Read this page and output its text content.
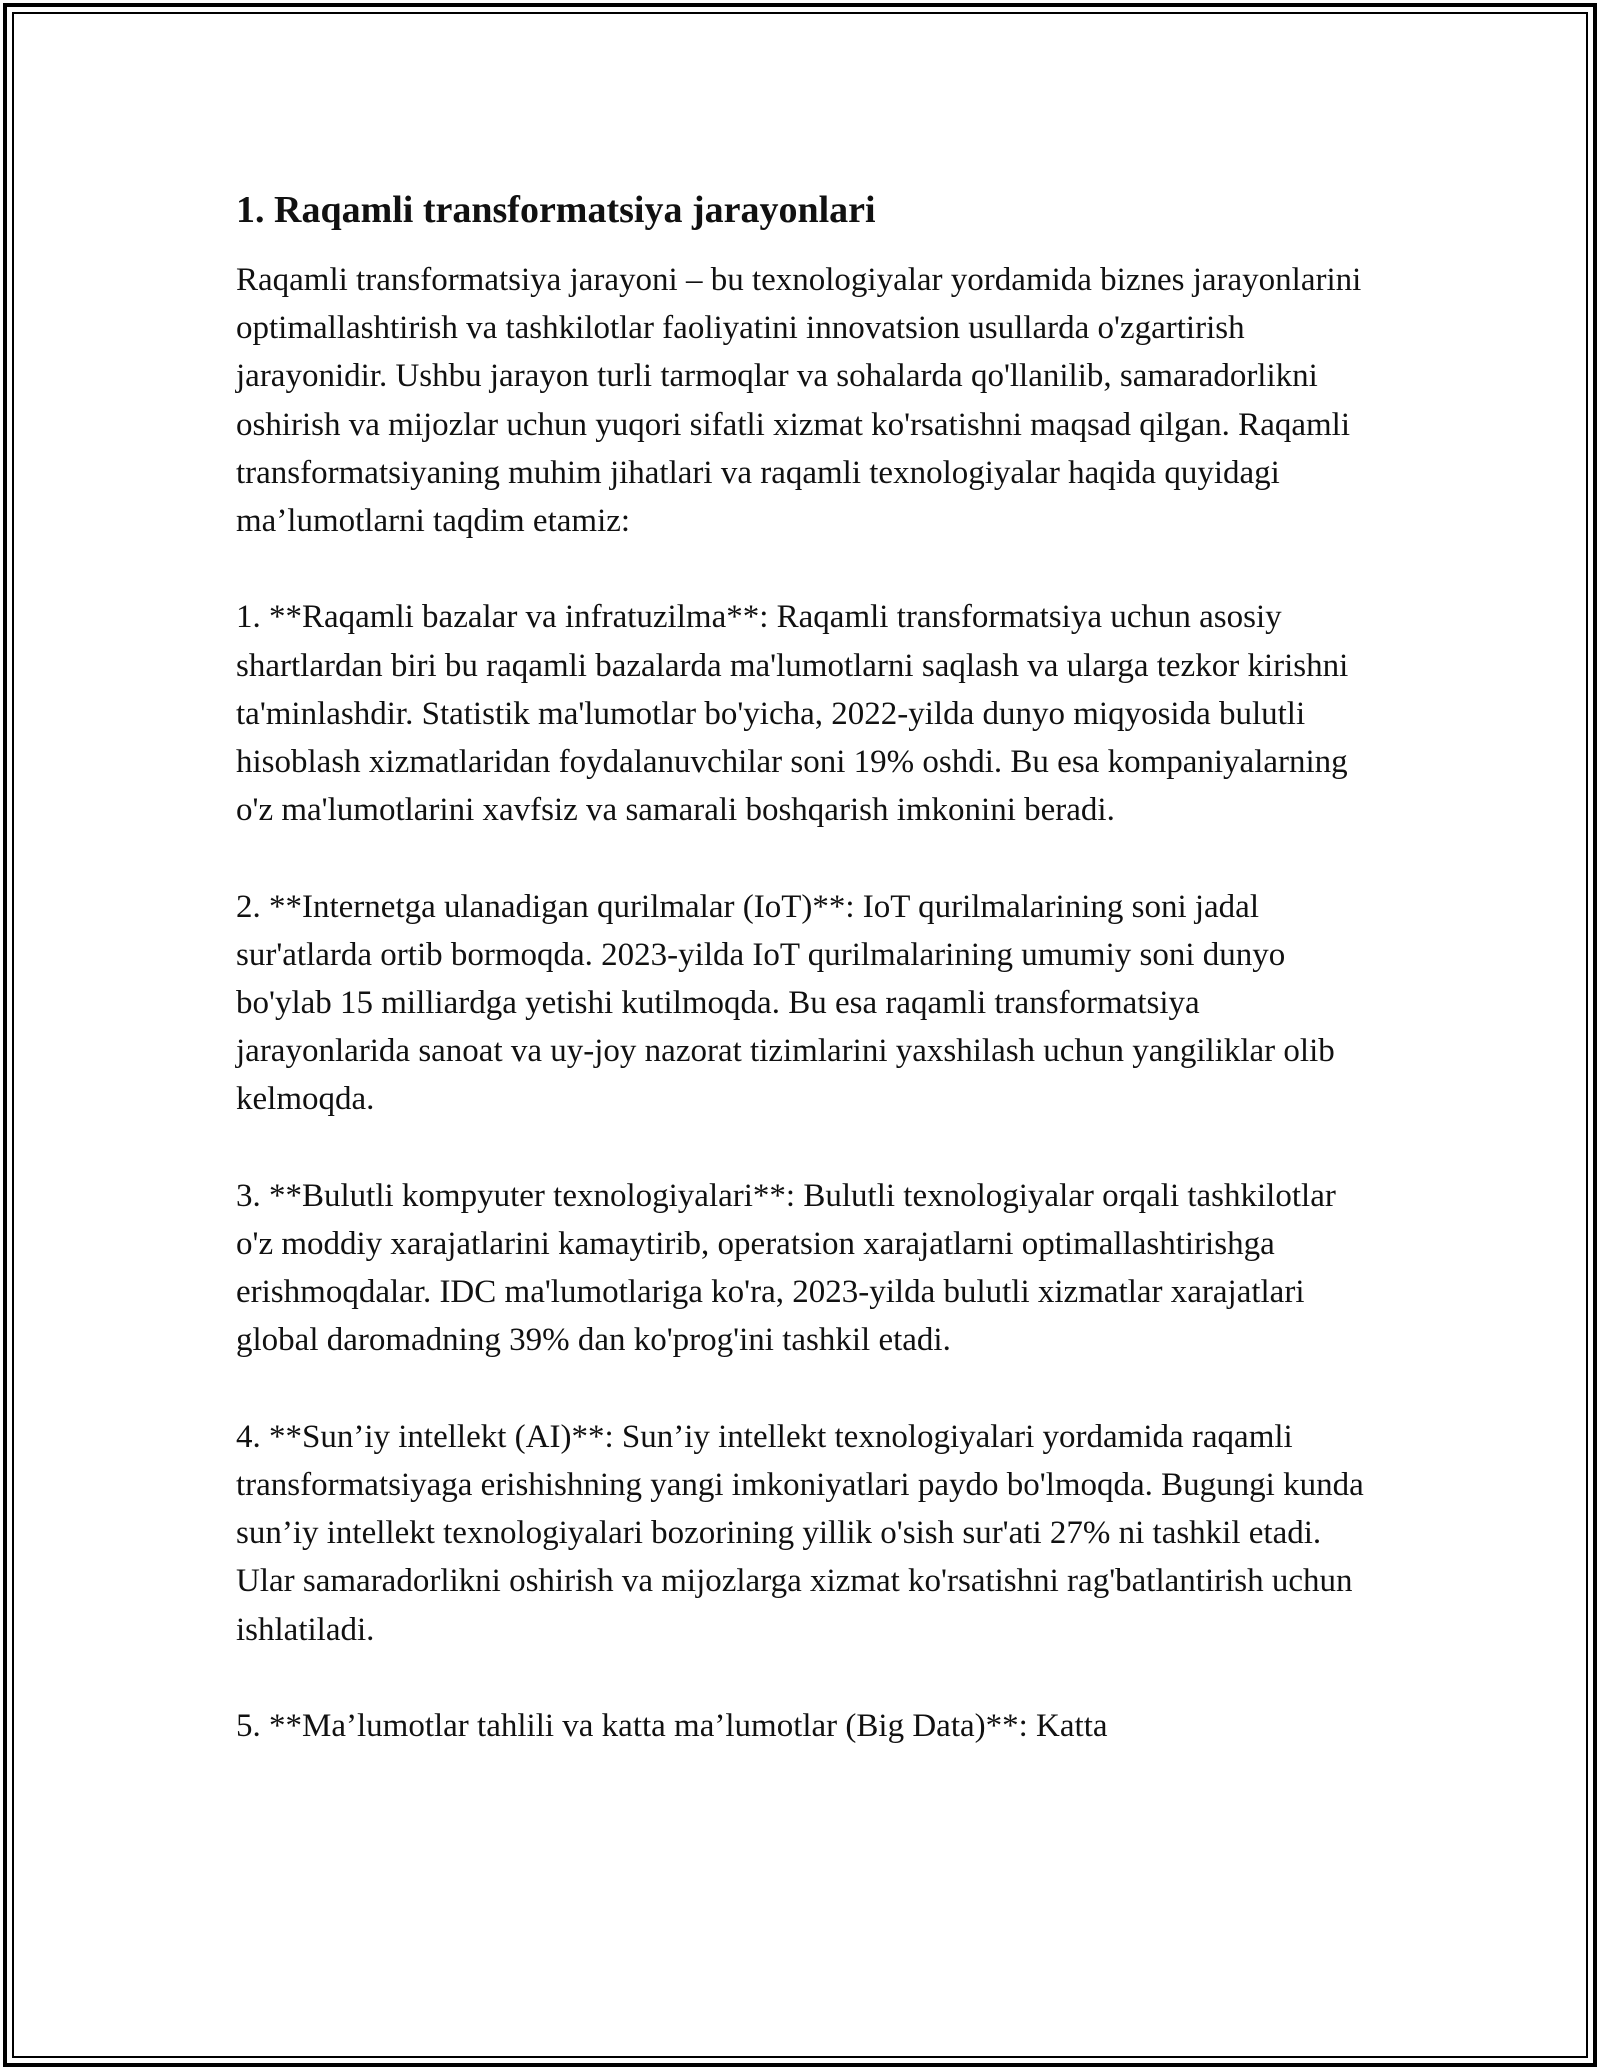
1. Raqamli transformatsiya jarayonlari

Raqamli transformatsiya jarayoni – bu texnologiyalar yordamida biznes jarayonlarini optimallashtirish va tashkilotlar faoliyatini innovatsion usullarda o'zgartirish jarayonidir. Ushbu jarayon turli tarmoqlar va sohalarda qo'llanilib, samaradorlikni oshirish va mijozlar uchun yuqori sifatli xizmat ko'rsatishni maqsad qilgan. Raqamli transformatsiyaning muhim jihatlari va raqamli texnologiyalar haqida quyidagi ma’lumotlarni taqdim etamiz:

1. **Raqamli bazalar va infratuzilma**: Raqamli transformatsiya uchun asosiy shartlardan biri bu raqamli bazalarda ma'lumotlarni saqlash va ularga tezkor kirishni ta'minlashdir. Statistik ma'lumotlar bo'yicha, 2022-yilda dunyo miqyosida bulutli hisoblash xizmatlaridan foydalanuvchilar soni 19% oshdi. Bu esa kompaniyalarning o'z ma'lumotlarini xavfsiz va samarali boshqarish imkonini beradi.

2. **Internetga ulanadigan qurilmalar (IoT)**: IoT qurilmalarining soni jadal sur'atlarda ortib bormoqda. 2023-yilda IoT qurilmalarining umumiy soni dunyo bo'ylab 15 milliardga yetishi kutilmoqda. Bu esa raqamli transformatsiya jarayonlarida sanoat va uy-joy nazorat tizimlarini yaxshilash uchun yangiliklar olib kelmoqda.

3. **Bulutli kompyuter texnologiyalari**: Bulutli texnologiyalar orqali tashkilotlar o'z moddiy xarajatlarini kamaytirib, operatsion xarajatlarni optimallashtirishga erishmoqdalar. IDC ma'lumotlariga ko'ra, 2023-yilda bulutli xizmatlar xarajatlari global daromadning 39% dan ko'prog'ini tashkil etadi.

4. **Sun’iy intellekt (AI)**: Sun’iy intellekt texnologiyalari yordamida raqamli transformatsiyaga erishishning yangi imkoniyatlari paydo bo'lmoqda. Bugungi kunda sun’iy intellekt texnologiyalari bozorining yillik o'sish sur'ati 27% ni tashkil etadi. Ular samaradorlikni oshirish va mijozlarga xizmat ko'rsatishni rag'batlantirish uchun ishlatiladi.

5. **Ma’lumotlar tahlili va katta ma’lumotlar (Big Data)**: Katta
